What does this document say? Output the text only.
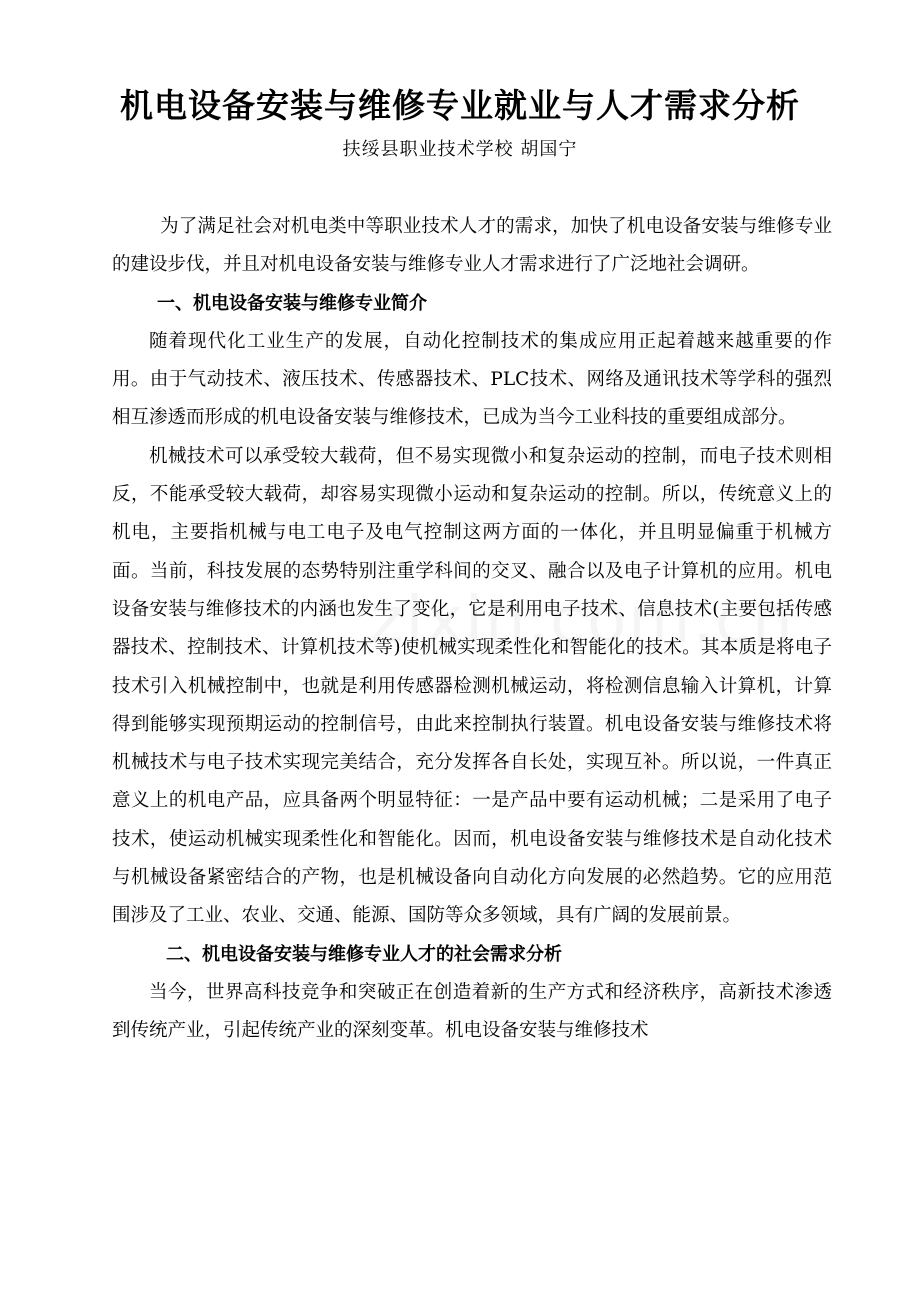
机电设备安装与维修专业就业与人才需求分析
扶绥县职业技术学校 胡国宁

为了满足社会对机电类中等职业技术人才的需求，加快了机电设备安装与维修专业的建设步伐，并且对机电设备安装与维修专业人才需求进行了广泛地社会调研。

一、机电设备安装与维修专业简介

随着现代化工业生产的发展，自动化控制技术的集成应用正起着越来越重要的作用。由于气动技术、液压技术、传感器技术、PLC技术、网络及通讯技术等学科的强烈相互渗透而形成的机电设备安装与维修技术，已成为当今工业科技的重要组成部分。

机械技术可以承受较大载荷，但不易实现微小和复杂运动的控制，而电子技术则相反，不能承受较大载荷，却容易实现微小运动和复杂运动的控制。所以，传统意义上的机电，主要指机械与电工电子及电气控制这两方面的一体化，并且明显偏重于机械方面。当前，科技发展的态势特别注重学科间的交叉、融合以及电子计算机的应用。机电设备安装与维修技术的内涵也发生了变化，它是利用电子技术、信息技术(主要包括传感器技术、控制技术、计算机技术等)使机械实现柔性化和智能化的技术。其本质是将电子技术引入机械控制中，也就是利用传感器检测机械运动，将检测信息输入计算机，计算得到能够实现预期运动的控制信号，由此来控制执行装置。机电设备安装与维修技术将机械技术与电子技术实现完美结合，充分发挥各自长处，实现互补。所以说，一件真正意义上的机电产品，应具备两个明显特征：一是产品中要有运动机械；二是采用了电子技术，使运动机械实现柔性化和智能化。因而，机电设备安装与维修技术是自动化技术与机械设备紧密结合的产物，也是机械设备向自动化方向发展的必然趋势。它的应用范围涉及了工业、农业、交通、能源、国防等众多领域，具有广阔的发展前景。

二、机电设备安装与维修专业人才的社会需求分析

当今，世界高科技竞争和突破正在创造着新的生产方式和经济秩序，高新技术渗透到传统产业，引起传统产业的深刻变革。机电设备安装与维修技术
